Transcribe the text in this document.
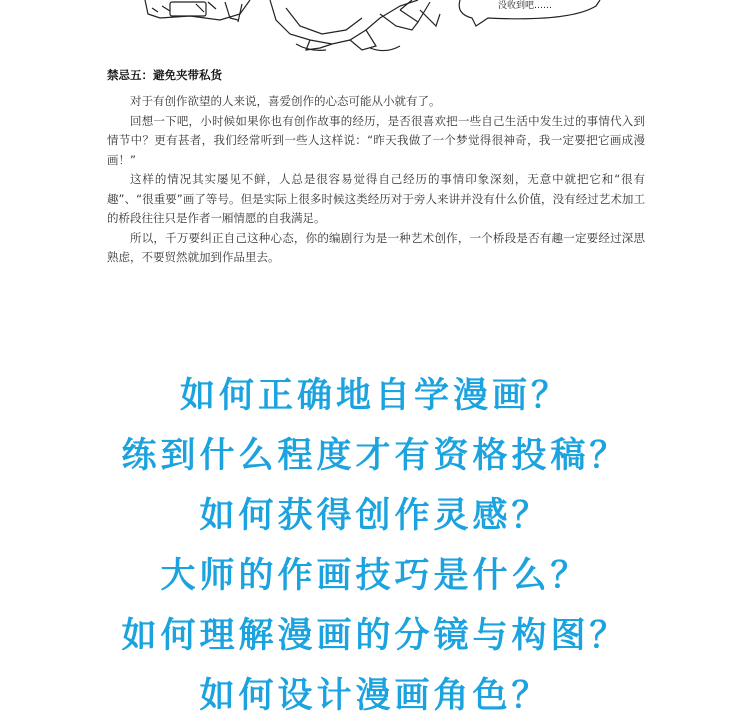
没收到吧……
禁忌五：避免夹带私货

对于有创作欲望的人来说，喜爱创作的心态可能从小就有了。

回想一下吧，小时候如果你也有创作故事的经历，是否很喜欢把一些自己生活中发生过的事情代入到情节中？更有甚者，我们经常听到一些人这样说：“昨天我做了一个梦觉得很神奇，我一定要把它画成漫画！”

这样的情况其实屡见不鲜，人总是很容易觉得自己经历的事情印象深刻，无意中就把它和“很有趣”、“很重要”画了等号。但是实际上很多时候这类经历对于旁人来讲并没有什么价值，没有经过艺术加工的桥段往往只是作者一厢情愿的自我满足。

所以，千万要纠正自己这种心态，你的编剧行为是一种艺术创作，一个桥段是否有趣一定要经过深思熟虑，不要贸然就加到作品里去。

如何正确地自学漫画？
练到什么程度才有资格投稿？
如何获得创作灵感？
大师的作画技巧是什么？
如何理解漫画的分镜与构图？
如何设计漫画角色？
